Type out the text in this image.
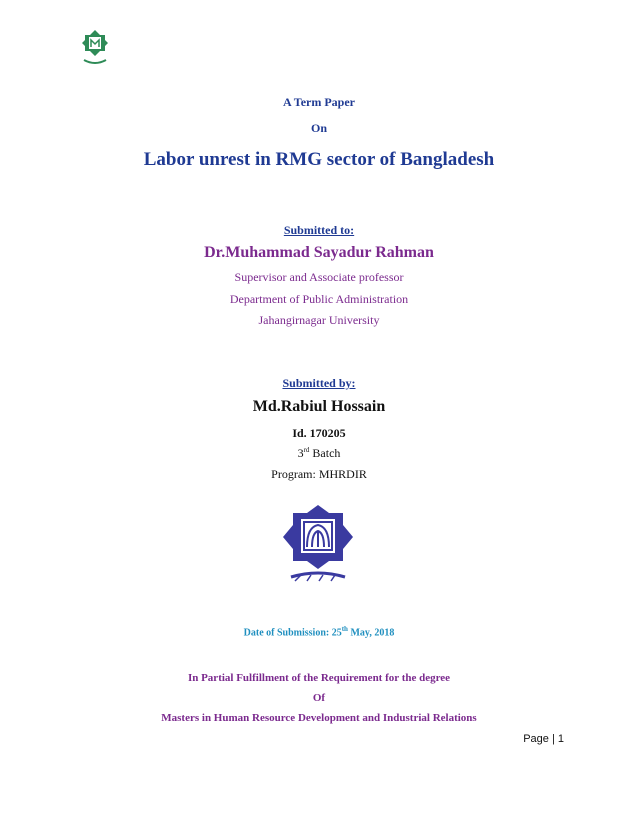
A Term Paper
On
Labor unrest in RMG sector of Bangladesh
Submitted to:
Dr.Muhammad Sayadur Rahman
Supervisor and Associate professor
Department of Public Administration
Jahangirnagar University
Submitted by:
Md.Rabiul Hossain
Id. 170205
3rd Batch
Program: MHRDIR
Date of Submission: 25th May, 2018
In Partial Fulfillment of the Requirement for the degree
Of
Masters in Human Resource Development and Industrial Relations
Page | 1
